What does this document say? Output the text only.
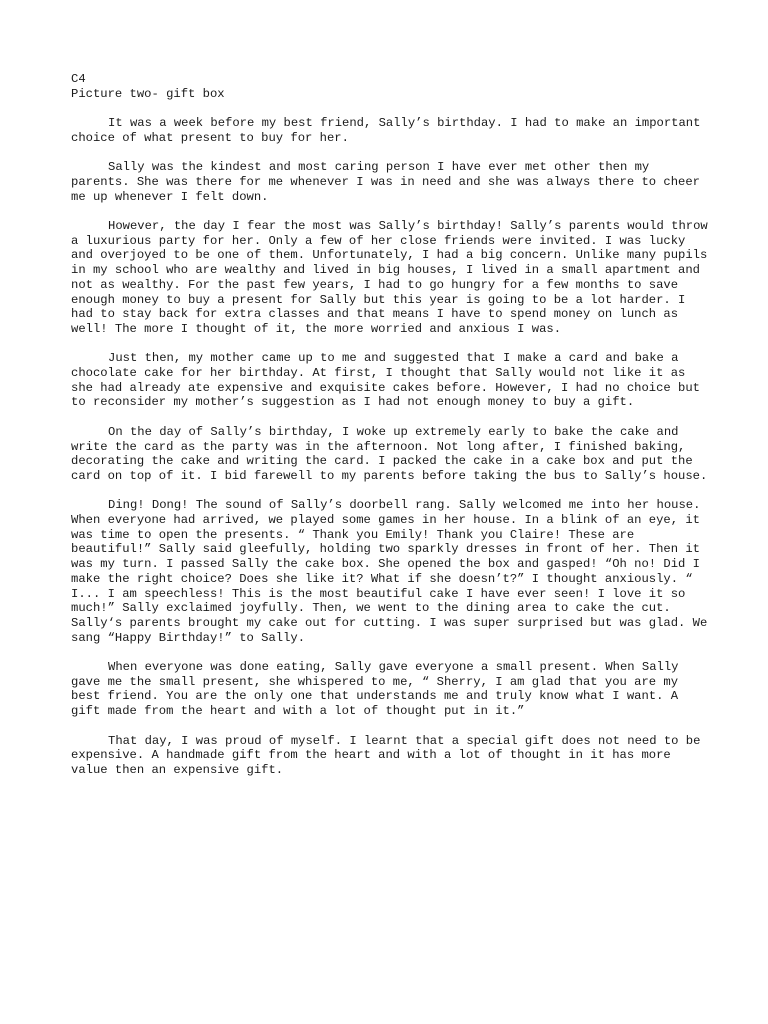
C4

Picture two- gift box

It was a week before my best friend, Sally’s birthday. I had to make an important choice of what present to buy for her.

Sally was the kindest and most caring person I have ever met other then my parents. She was there for me whenever I was in need and she was always there to cheer me up whenever I felt down.

However, the day I fear the most was Sally’s birthday! Sally’s parents would throw a luxurious party for her. Only a few of her close friends were invited. I was lucky and overjoyed to be one of them. Unfortunately, I had a big concern. Unlike many pupils in my school who are wealthy and lived in big houses, I lived in a small apartment and not as wealthy. For the past few years, I had to go hungry for a few months to save enough money to buy a present for Sally but this year is going to be a lot harder. I had to stay back for extra classes and that means I have to spend money on lunch as well! The more I thought of it, the more worried and anxious I was.

Just then, my mother came up to me and suggested that I make a card and bake a chocolate cake for her birthday. At first, I thought that Sally would not like it as she had already ate expensive and exquisite cakes before. However, I had no choice but to reconsider my mother’s suggestion as I had not enough money to buy a gift.

On the day of Sally’s birthday, I woke up extremely early to bake the cake and write the card as the party was in the afternoon. Not long after, I finished baking, decorating the cake and writing the card. I packed the cake in a cake box and put the card on top of it. I bid farewell to my parents before taking the bus to Sally’s house.

Ding! Dong! The sound of Sally’s doorbell rang. Sally welcomed me into her house. When everyone had arrived, we played some games in her house. In a blink of an eye, it was time to open the presents. “ Thank you Emily! Thank you Claire! These are beautiful!” Sally said gleefully, holding two sparkly dresses in front of her. Then it was my turn. I passed Sally the cake box. She opened the box and gasped! “Oh no! Did I make the right choice? Does she like it? What if she doesn’t?” I thought anxiously. “ I... I am speechless! This is the most beautiful cake I have ever seen! I love it so much!” Sally exclaimed joyfully. Then, we went to the dining area to cake the cut. Sally‘s parents brought my cake out for cutting. I was super surprised but was glad. We sang “Happy Birthday!” to Sally.

When everyone was done eating, Sally gave everyone a small present. When Sally gave me the small present, she whispered to me, “ Sherry, I am glad that you are my best friend. You are the only one that understands me and truly know what I want. A gift made from the heart and with a lot of thought put in it.”

That day, I was proud of myself. I learnt that a special gift does not need to be expensive. A handmade gift from the heart and with a lot of thought in it has more value then an expensive gift.
